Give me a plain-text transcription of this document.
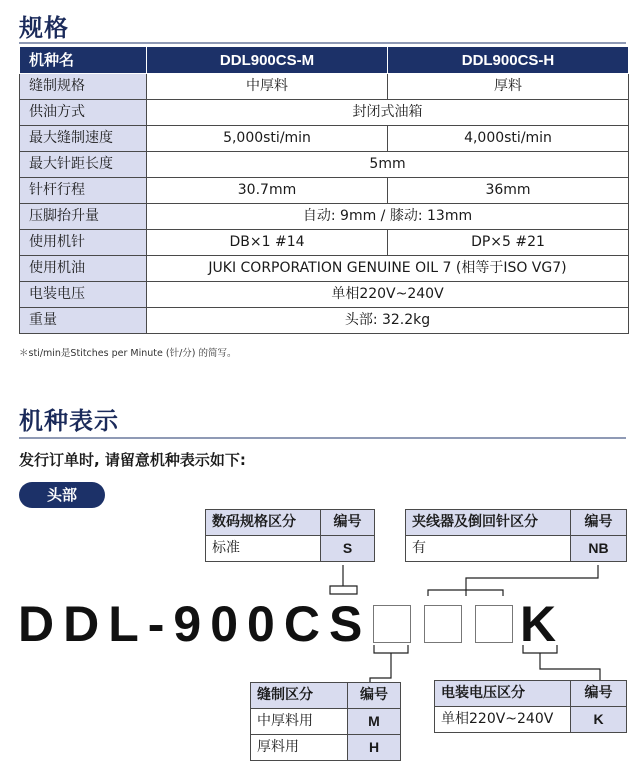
规格
机种名	DDL900CS-M	DDL900CS-H
缝制规格	中厚料	厚料
供油方式	封闭式油箱	
最大缝制速度	5,000sti/min	4,000sti/min
最大针距长度	5mm	
针杆行程	30.7mm	36mm
压脚抬升量	自动: 9mm / 膝动: 13mm	
使用机针	DB×1 #14	DP×5 #21
使用机油	JUKI CORPORATION GENUINE OIL 7 (相等于ISO VG7)	
电装电压	单相220V~240V	
重量	头部: 32.2kg	
＊sti/min是Stitches per Minute (针/分) 的简写。
机种表示
发行订单时, 请留意机种表示如下:
头部
数码规格区分	编号
标准	S
夹线器及倒回针区分	编号
有	NB
DDL-900CS	K
缝制区分	编号
中厚料用	M
厚料用	H
电装电压区分	编号
单相220V~240V	K
